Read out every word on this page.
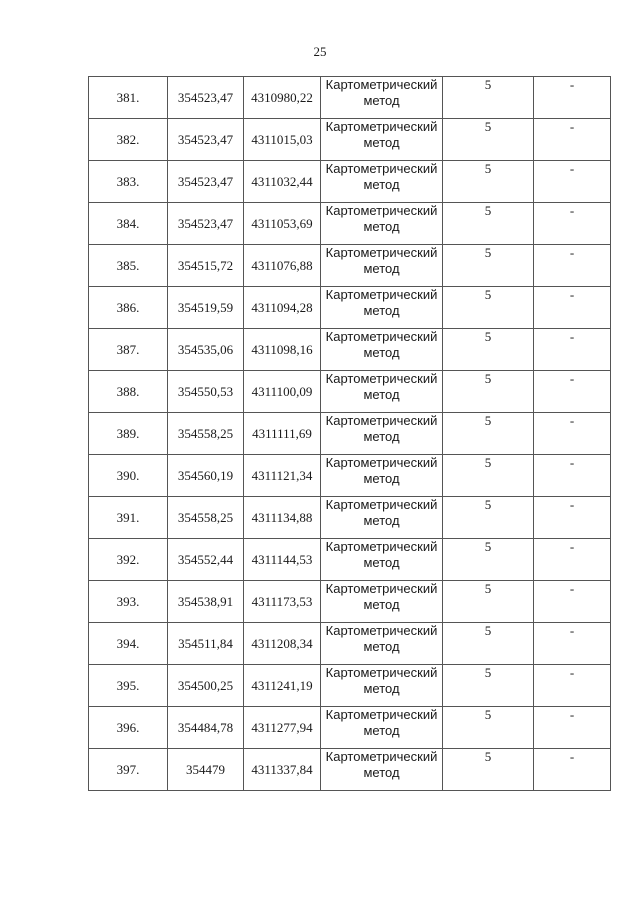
25
381.	354523,47	4310980,22	Картометрический
метод	5	-
382.	354523,47	4311015,03	Картометрический
метод	5	-
383.	354523,47	4311032,44	Картометрический
метод	5	-
384.	354523,47	4311053,69	Картометрический
метод	5	-
385.	354515,72	4311076,88	Картометрический
метод	5	-
386.	354519,59	4311094,28	Картометрический
метод	5	-
387.	354535,06	4311098,16	Картометрический
метод	5	-
388.	354550,53	4311100,09	Картометрический
метод	5	-
389.	354558,25	4311111,69	Картометрический
метод	5	-
390.	354560,19	4311121,34	Картометрический
метод	5	-
391.	354558,25	4311134,88	Картометрический
метод	5	-
392.	354552,44	4311144,53	Картометрический
метод	5	-
393.	354538,91	4311173,53	Картометрический
метод	5	-
394.	354511,84	4311208,34	Картометрический
метод	5	-
395.	354500,25	4311241,19	Картометрический
метод	5	-
396.	354484,78	4311277,94	Картометрический
метод	5	-
397.	354479	4311337,84	Картометрический
метод	5	-
